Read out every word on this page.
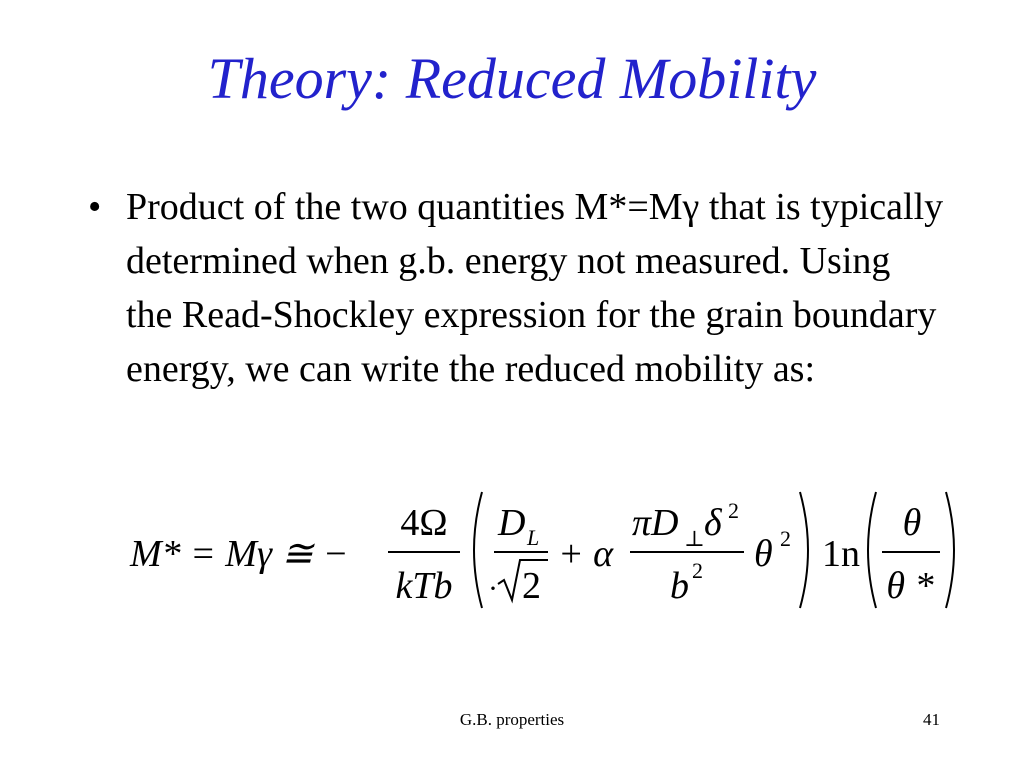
Theory: Reduced Mobility
• Product of the two quantities M*=Mγ that is typically determined when g.b. energy not measured. Using the Read-Shockley expression for the grain boundary energy, we can write the reduced mobility as:
M* = Mγ ≅ −
4Ω
kTb
D L
· 2
+ α
πD ⊥ δ 2
b 2 θ 2 1n
θ
θ *
G.B. properties	41
